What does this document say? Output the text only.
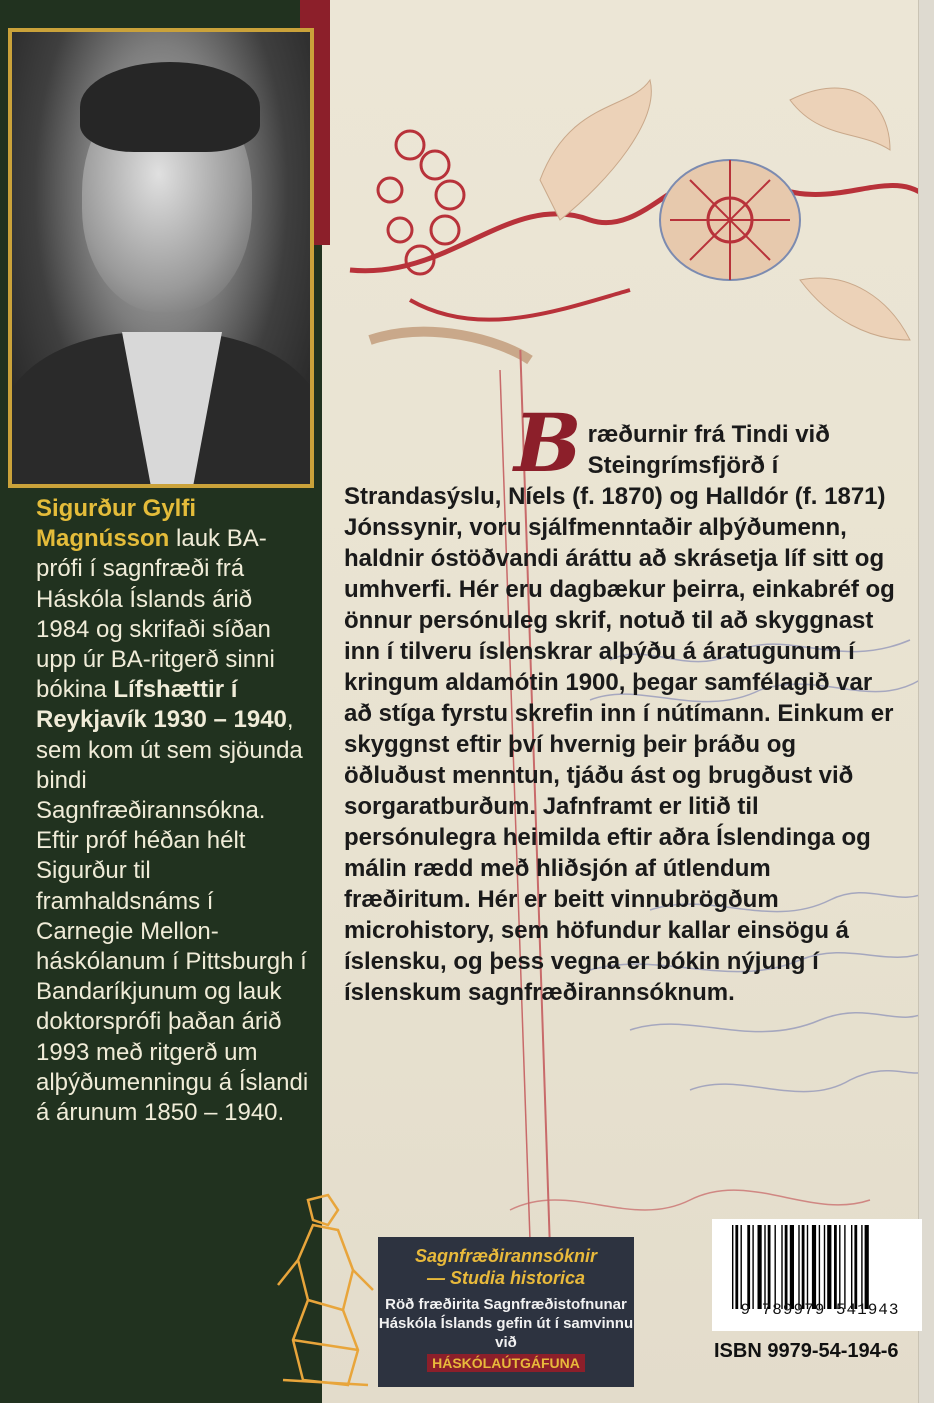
Sigurður Gylfi Magnússon lauk BA-prófi í sagnfræði frá Háskóla Íslands árið 1984 og skrifaði síðan upp úr BA-ritgerð sinni bókina Lífshættir í Reykjavík 1930 – 1940, sem kom út sem sjöunda bindi Sagnfræðirannsókna. Eftir próf héðan hélt Sigurður til framhaldsnáms í Carnegie Mellon-háskólanum í Pittsburgh í Bandaríkjunum og lauk doktorsprófi þaðan árið 1993 með ritgerð um alþýðumenningu á Íslandi á árunum 1850 – 1940.
Bræðurnir frá Tindi við Steingrímsfjörð í Strandasýslu, Níels (f. 1870) og Halldór (f. 1871) Jónssynir, voru sjálfmenntaðir alþýðumenn, haldnir óstöðvandi áráttu að skrásetja líf sitt og umhverfi. Hér eru dagbækur þeirra, einkabréf og önnur persónuleg skrif, notuð til að skyggnast inn í tilveru íslenskrar alþýðu á áratugunum í kringum aldamótin 1900, þegar samfélagið var að stíga fyrstu skrefin inn í nútímann. Einkum er skyggnst eftir því hvernig þeir þráðu og öðluðust menntun, tjáðu ást og brugðust við sorgaratburðum. Jafnframt er litið til persónulegra heimilda eftir aðra Íslendinga og málin rædd með hliðsjón af útlendum fræðiritum. Hér er beitt vinnubrögðum microhistory, sem höfundur kallar einsögu á íslensku, og þess vegna er bókin nýjung í íslenskum sagnfræðirannsóknum.
Sagnfræðirannsóknir
— Studia historica
Röð fræðirita Sagnfræðistofnunar Háskóla Íslands gefin út í samvinnu við
HÁSKÓLAÚTGÁFUNA
9 789979 541943
ISBN 9979-54-194-6
